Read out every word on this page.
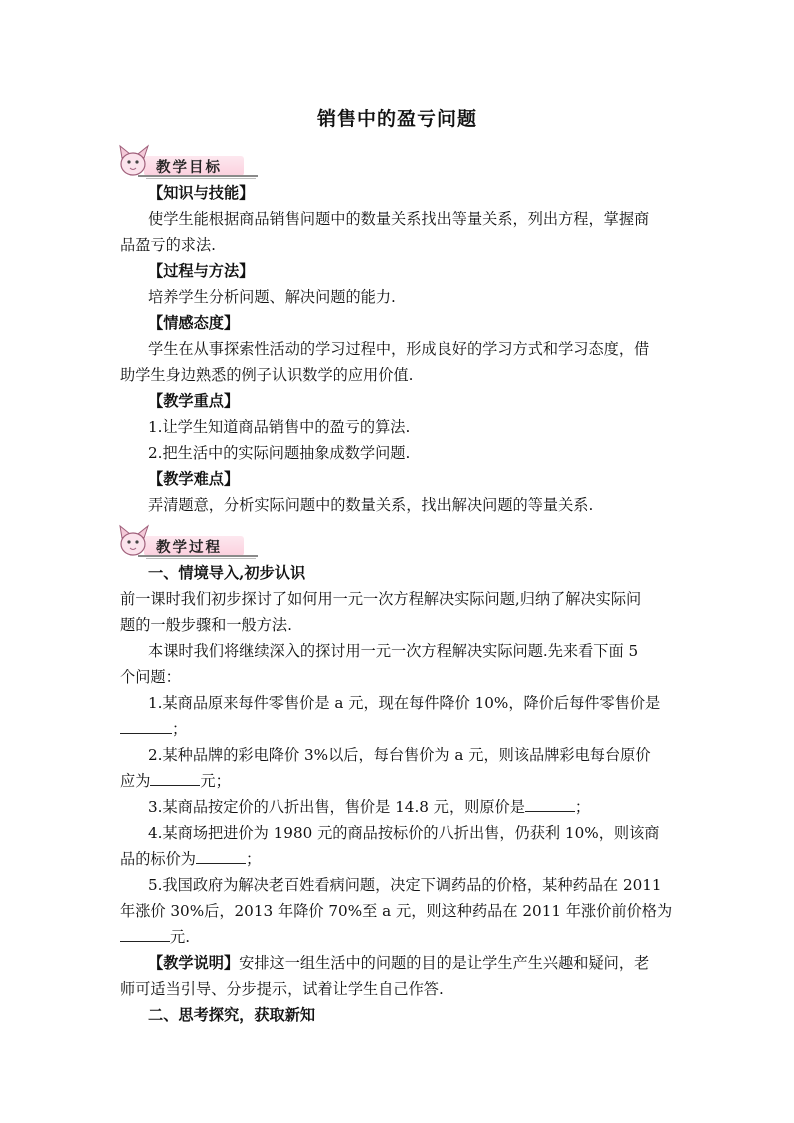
销售中的盈亏问题
教学目标
【知识与技能】
使学生能根据商品销售问题中的数量关系找出等量关系，列出方程，掌握商
品盈亏的求法.
【过程与方法】
培养学生分析问题、解决问题的能力.
【情感态度】
学生在从事探索性活动的学习过程中，形成良好的学习方式和学习态度，借
助学生身边熟悉的例子认识数学的应用价值.
【教学重点】
1.让学生知道商品销售中的盈亏的算法.
2.把生活中的实际问题抽象成数学问题.
【教学难点】
弄清题意，分析实际问题中的数量关系，找出解决问题的等量关系.
教学过程
一、情境导入,初步认识
前一课时我们初步探讨了如何用一元一次方程解决实际问题,归纳了解决实际问
题的一般步骤和一般方法.
本课时我们将继续深入的探讨用一元一次方程解决实际问题.先来看下面 5
个问题：
1.某商品原来每件零售价是 a 元，现在每件降价 10%，降价后每件零售价是
；
2.某种品牌的彩电降价 3%以后，每台售价为 a 元，则该品牌彩电每台原价
应为	元；
3.某商品按定价的八折出售，售价是 14.8 元，则原价是	；
4.某商场把进价为 1980 元的商品按标价的八折出售，仍获利 10%，则该商
品的标价为	；
5.我国政府为解决老百姓看病问题，决定下调药品的价格，某种药品在 2011
年涨价 30%后，2013 年降价 70%至 a 元，则这种药品在 2011 年涨价前价格为
元.
【教学说明】安排这一组生活中的问题的目的是让学生产生兴趣和疑问，老
师可适当引导、分步提示，试着让学生自己作答.
二、思考探究，获取新知
